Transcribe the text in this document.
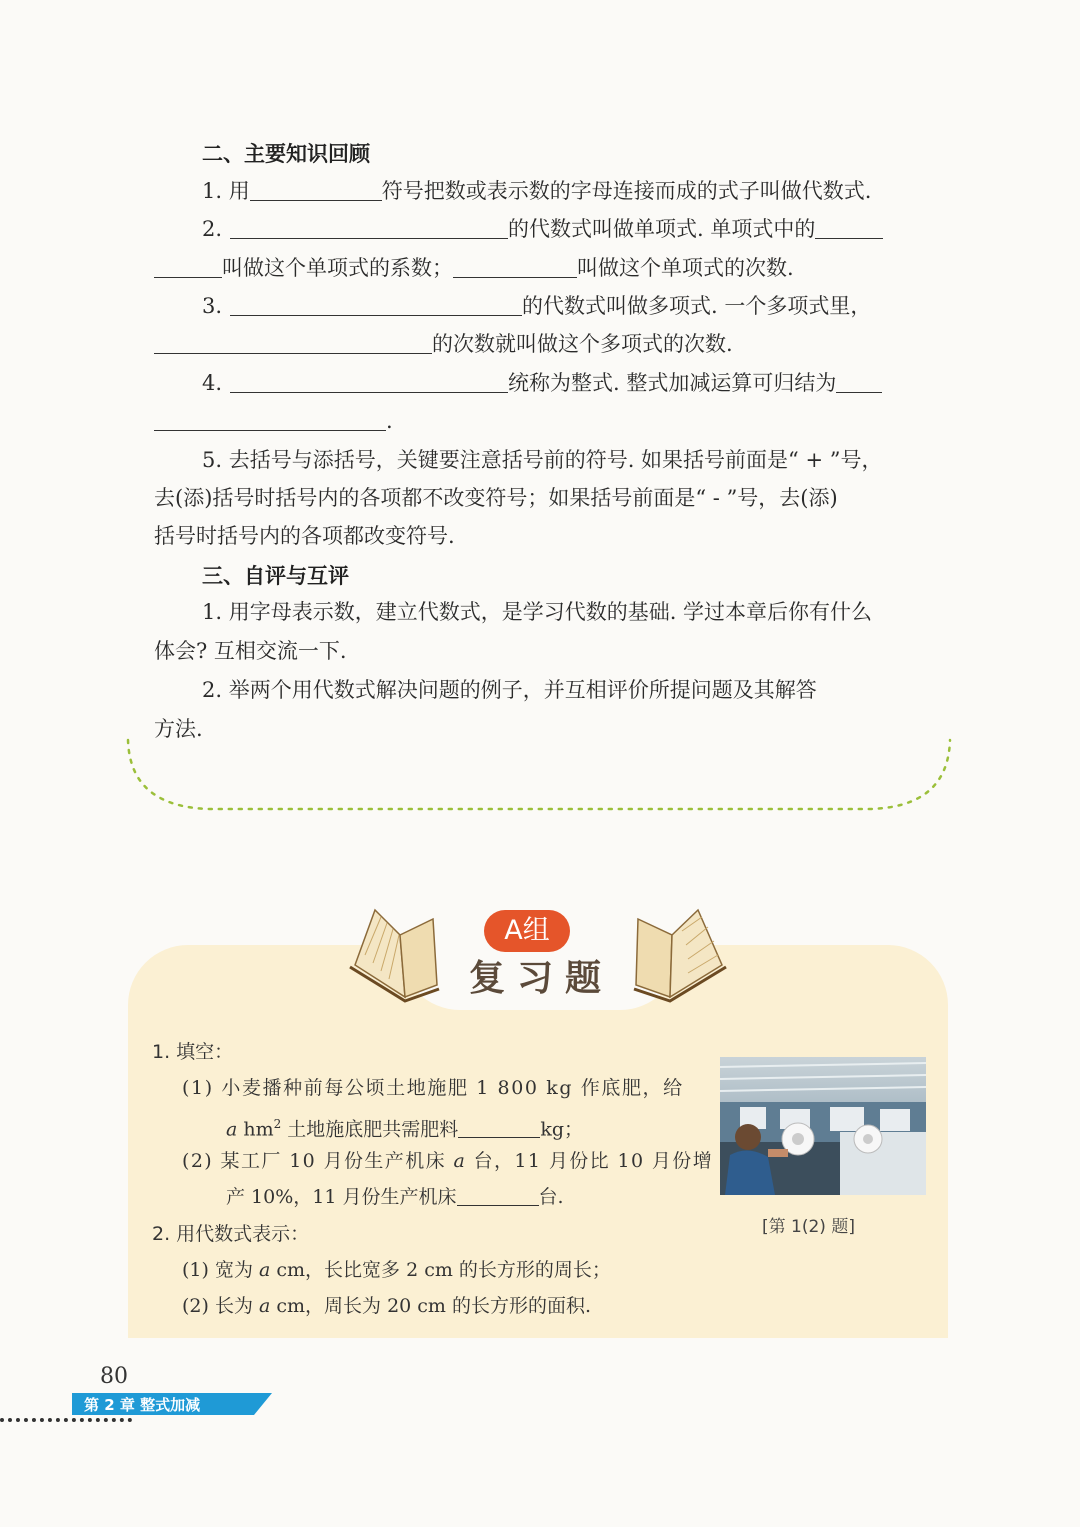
二、主要知识回顾
1. 用	符号把数或表示数的字母连接而成的式子叫做代数式.
2.	的代数式叫做单项式. 单项式中的
叫做这个单项式的系数；	叫做这个单项式的次数.
3.	的代数式叫做多项式. 一个多项式里，
的次数就叫做这个多项式的次数.
4.	统称为整式. 整式加减运算可归结为
.
5. 去括号与添括号，关键要注意括号前的符号. 如果括号前面是“ + ”号，
去(添)括号时括号内的各项都不改变符号；如果括号前面是“ - ”号，去(添)
括号时括号内的各项都改变符号.
三、自评与互评
1. 用字母表示数，建立代数式，是学习代数的基础. 学过本章后你有什么
体会? 互相交流一下.
2. 举两个用代数式解决问题的例子，并互相评价所提问题及其解答
方法.
A组
复习题
1. 填空：
(1) 小麦播种前每公顷土地施肥 1 800 kg 作底肥，给
a $hm^2$ 土地施底肥共需肥料	kg；
(2) 某工厂 10 月份生产机床 a 台，11 月份比 10 月份增
产 10%，11 月份生产机床	台.
[第 1(2) 题]
2. 用代数式表示：
(1) 宽为 a cm，长比宽多 2 cm 的长方形的周长；
(2) 长为 a cm，周长为 20 cm 的长方形的面积.
80
第 2 章 整式加减
